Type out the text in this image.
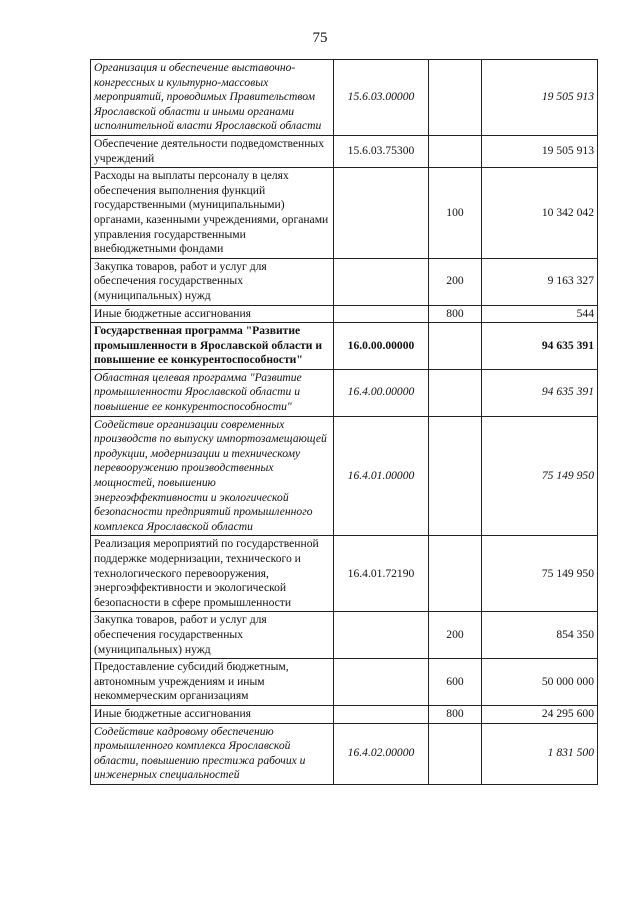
75
Организация и обеспечение выставочно-конгрессных и культурно-массовых мероприятий, проводимых Правительством Ярославской области и иными органами исполнительной власти Ярославской области	15.6.03.00000		19 505 913
Обеспечение деятельности подведомственных учреждений	15.6.03.75300		19 505 913
Расходы на выплаты персоналу в целях обеспечения выполнения функций государственными (муниципальными) органами, казенными учреждениями, органами управления государственными внебюджетными фондами		100	10 342 042
Закупка товаров, работ и услуг для обеспечения государственных (муниципальных) нужд		200	9 163 327
Иные бюджетные ассигнования		800	544
Государственная программа "Развитие промышленности в Ярославской области и повышение ее конкурентоспособности"	16.0.00.00000		94 635 391
Областная целевая программа "Развитие промышленности Ярославской области и повышение ее конкурентоспособности"	16.4.00.00000		94 635 391
Содействие организации современных производств по выпуску импортозамещающей продукции, модернизации и техническому перевооружению производственных мощностей, повышению энергоэффективности и экологической безопасности предприятий промышленного комплекса Ярославской области	16.4.01.00000		75 149 950
Реализация мероприятий по государственной поддержке модернизации, технического и технологического перевооружения, энергоэффективности и экологической безопасности в сфере промышленности	16.4.01.72190		75 149 950
Закупка товаров, работ и услуг для обеспечения государственных (муниципальных) нужд		200	854 350
Предоставление субсидий бюджетным, автономным учреждениям и иным некоммерческим организациям		600	50 000 000
Иные бюджетные ассигнования		800	24 295 600
Содействие кадровому обеспечению промышленного комплекса Ярославской области, повышению престижа рабочих и инженерных специальностей	16.4.02.00000		1 831 500
